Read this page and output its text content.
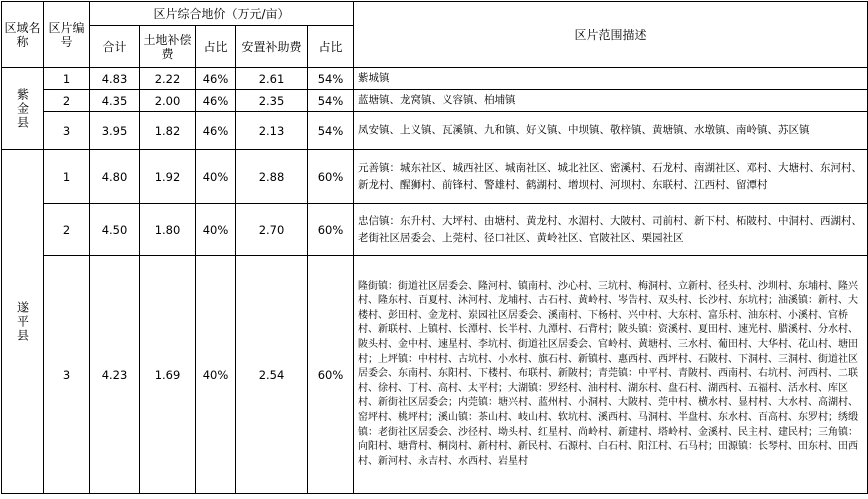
区域名称	区片编号	区片综合地价（万元/亩）					区片范围描述
		合计	土地补偿费	占比	安置补助费	占比	

紫金县	1	4.83	2.22	46%	2.61	54%	紫城镇
	2	4.35	2.00	46%	2.35	54%	蓝塘镇、龙窝镇、义容镇、柏埔镇
	3	3.95	1.82	46%	2.13	54%	凤安镇、上义镇、瓦溪镇、九和镇、好义镇、中坝镇、敬梓镇、黄塘镇、水墩镇、南岭镇、苏区镇

遂平县	1	4.80	1.92	40%	2.88	60%	元善镇：城东社区、城西社区、城南社区、城北社区、密溪村、石龙村、南湖社区、邓村、大塘村、东河村、新龙村、醒狮村、前锋村、警雄村、鹤湖村、增坝村、河坝村、东联村、江西村、留潭村
	2	4.50	1.80	40%	2.70	60%	忠信镇：东升村、大坪村、由塘村、黄龙村、水湄村、大陂村、司前村、新下村、柘陂村、中洞村、西湖村、老街社区居委会、上莞村、径口社区、黄岭社区、官陂社区、栗园社区
	3	4.23	1.69	40%	2.54	60%	隆街镇：街道社区居委会、隆河村、镇南村、沙心村、三坑村、梅洞村、立新村、径头村、沙圳村、东埔村、隆兴村、隆东村、百夏村、沐河村、龙埔村、古石村、黄岭村、岑告村、双头村、长沙村、东坑村；油溪镇：新村、大楼村、彭田村、金龙村、岽园社区居委会、溪南村、下杨村、兴中村、大东村、富乐村、油东村、小溪村、官桥村、新联村、上镇村、长潭村、长半村、九潭村、石背村；陂头镇：资溪村、夏田村、速光村、腊溪村、分水村、陂头村、金中村、速星村、李坑村、街道社区居委会、官岭村、黄塘村、三水村、葡田村、大华村、花山村、塘田村；上坪镇：中村村、古坑村、小水村、旗石村、新镇村、惠西村、西坪村、石陂村、下洞村、三洞村、街道社区居委会、东南村、东阳村、下楼村、布联村、新陂村；青莞镇：中平村、青陂村、西南村、右坑村、河西村、二联村、徐村、丁村、高村、太平村；大湖镇：罗经村、油村村、湖东村、盘石村、湖西村、五福村、活水村、库区村、新街社区居委会；内莞镇：塘兴村、蓝州村、小洞村、大陂村、莞中村、横水村、显村村、大水村、高湖村、窑坪村、桃坪村；溪山镇：茶山村、岐山村、软坑村、溪西村、马洞村、半盘村、东水村、百高村、东罗村；绣缎镇：老街社区居委会、沙径村、坳头村、红星村、尚岭村、新建村、塔岭村、金溪村、民主村、建民村；三角镇：向阳村、塘背村、桐岗村、新村村、新民村、石源村、白石村、阳江村、石马村；田源镇：长琴村、田东村、田西村、新河村、永吉村、水西村、岩星村
